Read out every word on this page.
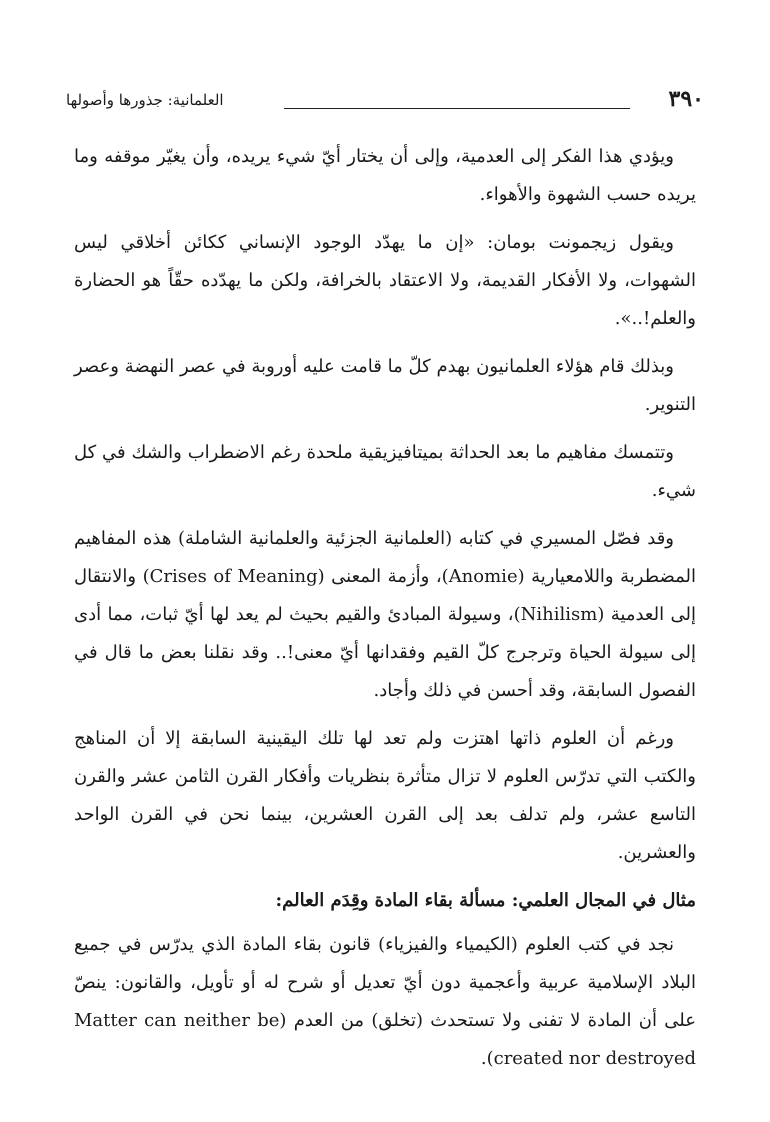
٣٩٠
العلمانية: جذورها وأصولها

ويؤدي هذا الفكر إلى العدمية، وإلى أن يختار أيّ شيء يريده، وأن يغيّر موقفه وما يريده حسب الشهوة والأهواء.

ويقول زيجمونت بومان: «إن ما يهدّد الوجود الإنساني ككائن أخلاقي ليس الشهوات، ولا الأفكار القديمة، ولا الاعتقاد بالخرافة، ولكن ما يهدّده حقّاً هو الحضارة والعلم!..».

وبذلك قام هؤلاء العلمانيون بهدم كلّ ما قامت عليه أوروبة في عصر النهضة وعصر التنوير.

وتتمسك مفاهيم ما بعد الحداثة بميتافيزيقية ملحدة رغم الاضطراب والشك في كل شيء.

وقد فصّل المسيري في كتابه (العلمانية الجزئية والعلمانية الشاملة) هذه المفاهيم المضطربة واللامعيارية (Anomie)، وأزمة المعنى (Crises of Meaning) والانتقال إلى العدمية (Nihilism)، وسيولة المبادئ والقيم بحيث لم يعد لها أيّ ثبات، مما أدى إلى سيولة الحياة وترجرج كلّ القيم وفقدانها أيّ معنى!.. وقد نقلنا بعض ما قال في الفصول السابقة، وقد أحسن في ذلك وأجاد.

ورغم أن العلوم ذاتها اهتزت ولم تعد لها تلك اليقينية السابقة إلا أن المناهج والكتب التي تدرّس العلوم لا تزال متأثرة بنظريات وأفكار القرن الثامن عشر والقرن التاسع عشر، ولم تدلف بعد إلى القرن العشرين، بينما نحن في القرن الواحد والعشرين.

مثال في المجال العلمي: مسألة بقاء المادة وقِدَم العالم:

نجد في كتب العلوم (الكيمياء والفيزياء) قانون بقاء المادة الذي يدرّس في جميع البلاد الإسلامية عربية وأعجمية دون أيّ تعديل أو شرح له أو تأويل، والقانون: ينصّ على أن المادة لا تفنى ولا تستحدث (تخلق) من العدم (Matter can neither be created nor destroyed).
